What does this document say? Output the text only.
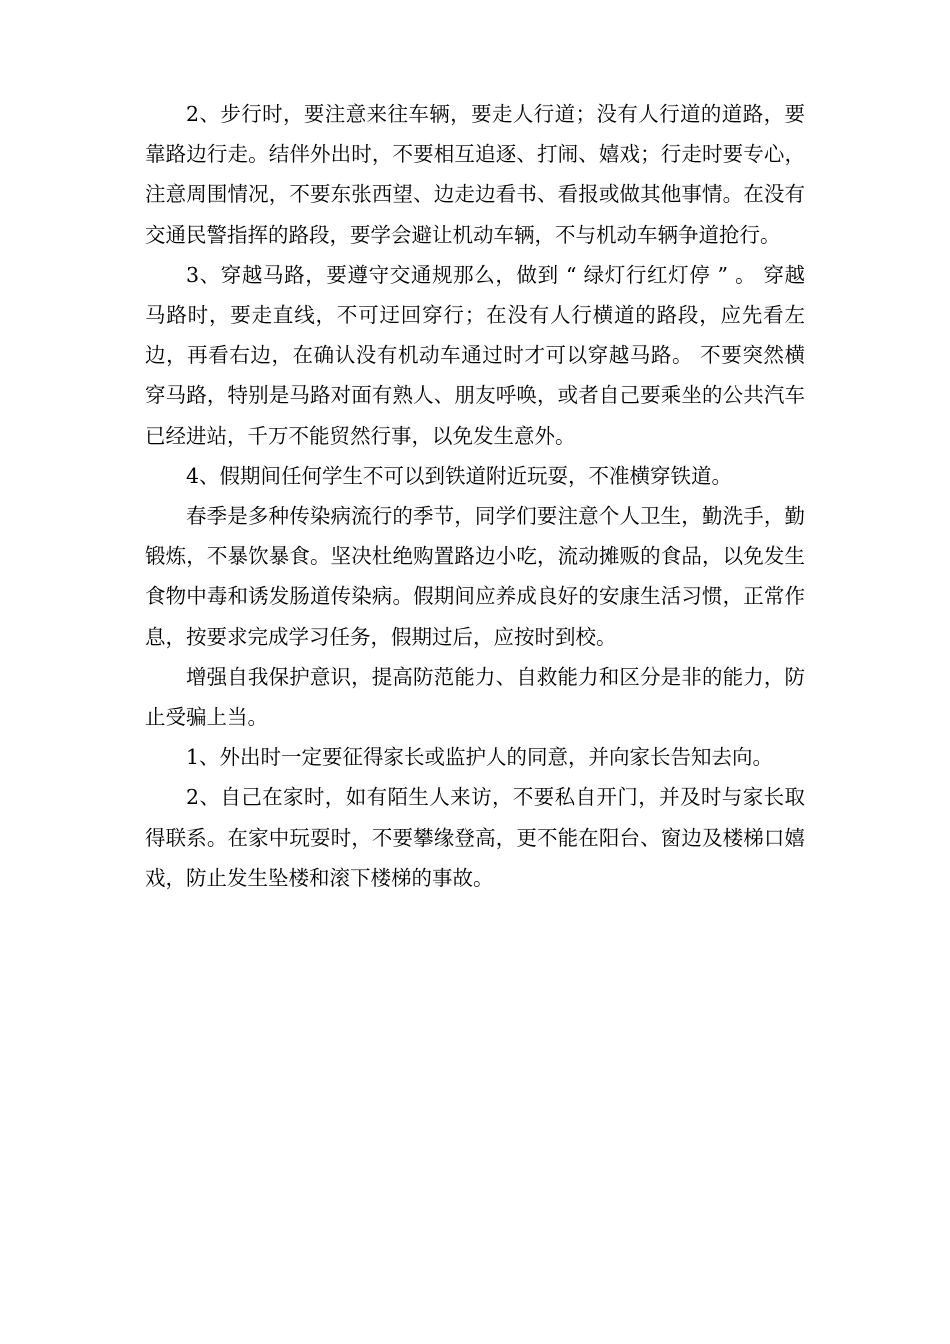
2、步行时，要注意来往车辆，要走人行道；没有人行道的道路，要靠路边行走。结伴外出时，不要相互追逐、打闹、嬉戏；行走时要专心，注意周围情况，不要东张西望、边走边看书、看报或做其他事情。在没有交通民警指挥的路段，要学会避让机动车辆，不与机动车辆争道抢行。

3、穿越马路，要遵守交通规那么，做到 “ 绿灯行红灯停 ” 。 穿越马路时，要走直线，不可迂回穿行；在没有人行横道的路段，应先看左边，再看右边，在确认没有机动车通过时才可以穿越马路。 不要突然横穿马路，特别是马路对面有熟人、朋友呼唤，或者自己要乘坐的公共汽车已经进站，千万不能贸然行事，以免发生意外。

4、假期间任何学生不可以到铁道附近玩耍，不准横穿铁道。

春季是多种传染病流行的季节，同学们要注意个人卫生，勤洗手，勤锻炼，不暴饮暴食。坚决杜绝购置路边小吃，流动摊贩的食品，以免发生食物中毒和诱发肠道传染病。假期间应养成良好的安康生活习惯，正常作息，按要求完成学习任务，假期过后，应按时到校。

增强自我保护意识，提高防范能力、自救能力和区分是非的能力，防止受骗上当。

1、外出时一定要征得家长或监护人的同意，并向家长告知去向。

2、自己在家时，如有陌生人来访，不要私自开门，并及时与家长取得联系。在家中玩耍时，不要攀缘登高，更不能在阳台、窗边及楼梯口嬉戏，防止发生坠楼和滚下楼梯的事故。
